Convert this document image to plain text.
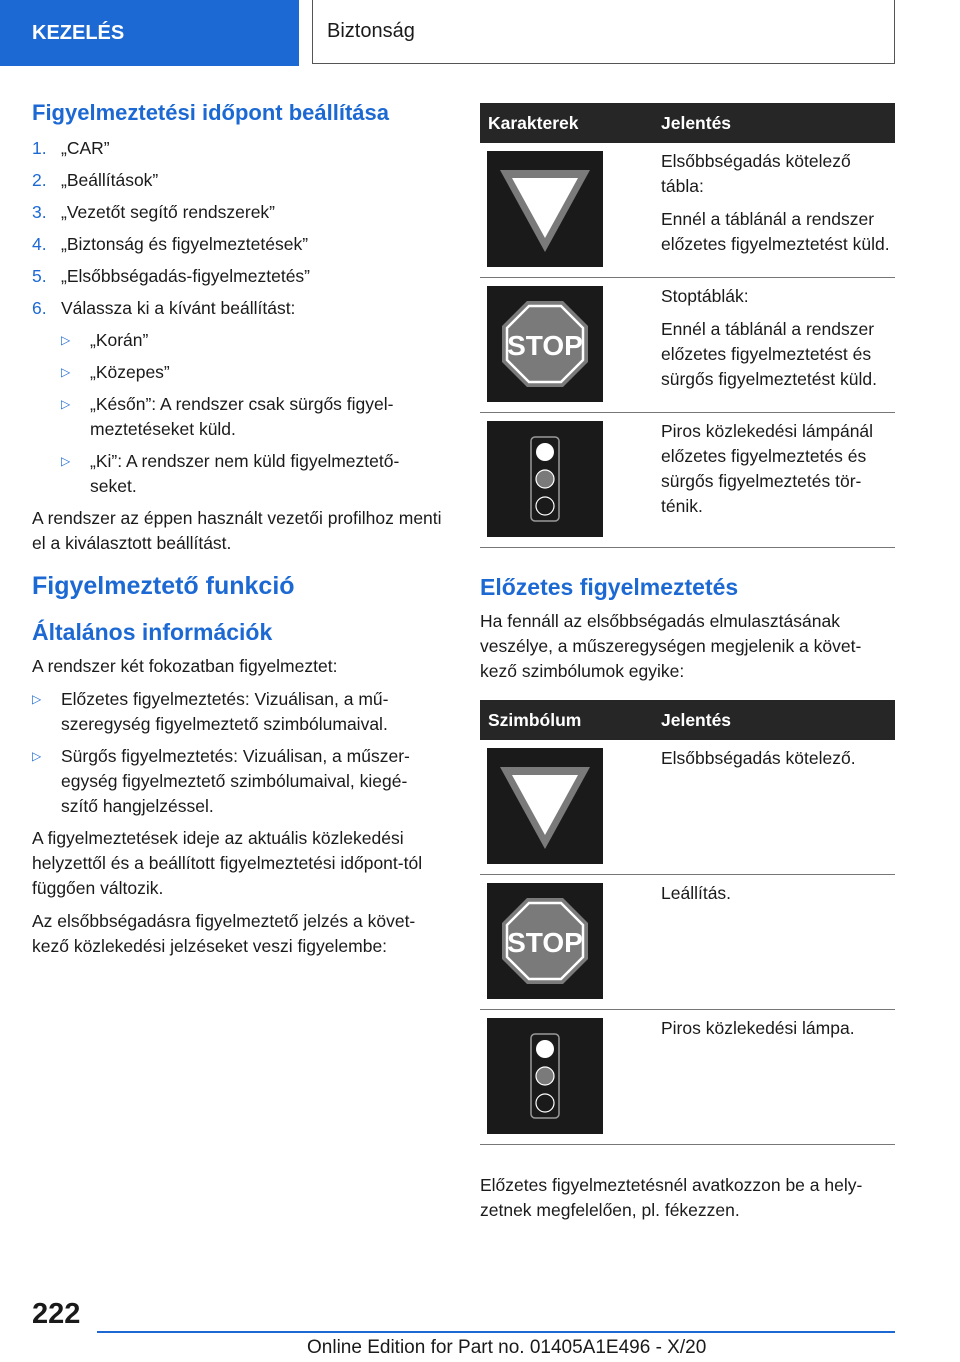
KEZELÉS	Biztonság
Figyelmeztetési időpont beállítása
1. „CAR”
2. „Beállítások”
3. „Vezetőt segítő rendszerek”
4. „Biztonság és figyelmeztetések”
5. „Elsőbbségadás-figyelmeztetés”
6. Válassza ki a kívánt beállítást:
▷	„Korán”
▷	„Közepes”
▷	„Későn”: A rendszer csak sürgős figyel-
meztetéseket küld.
▷	„Ki”: A rendszer nem küld figyelmeztető-
seket.

A rendszer az éppen használt vezetői profilhoz menti el a kiválasztott beállítást.

Figyelmeztető funkció
Általános információk

A rendszer két fokozatban figyelmeztet:

▷	Előzetes figyelmeztetés: Vizuálisan, a mű-
szeregység figyelmeztető szimbólumaival.
▷	Sürgős figyelmeztetés: Vizuálisan, a műszer-
egység figyelmeztető szimbólumaival, kiegé-
szítő hangjelzéssel.

A figyelmeztetések ideje az aktuális közlekedési helyzettől és a beállított figyelmeztetési időpont-tól függően változik.

Az elsőbbségadásra figyelmeztető jelzés a követ-kező közlekedési jelzéseket veszi figyelembe:

Karakterek	Jelentés

Elsőbbségadás kötelező tábla:
Ennél a táblánál a rendszer előzetes figyelmeztetést küld.

STOP	Stoptáblák:
Ennél a táblánál a rendszer előzetes figyelmeztetést és sürgős figyelmeztetést küld.

Piros közlekedési lámpánál előzetes figyelmeztetés és sürgős figyelmeztetés tör-ténik.
Előzetes figyelmeztetés

Ha fennáll az elsőbbségadás elmulasztásának veszélye, a műszeregységen megjelenik a követ-kező szimbólumok egyike:

Szimbólum	Jelentés

Elsőbbségadás kötelező.

STOP	Leállítás.

Piros közlekedési lámpa.

Előzetes figyelmeztetésnél avatkozzon be a hely-zetnek megfelelően, pl. fékezzen.

222
Online Edition for Part no. 01405A1E496 - X/20
